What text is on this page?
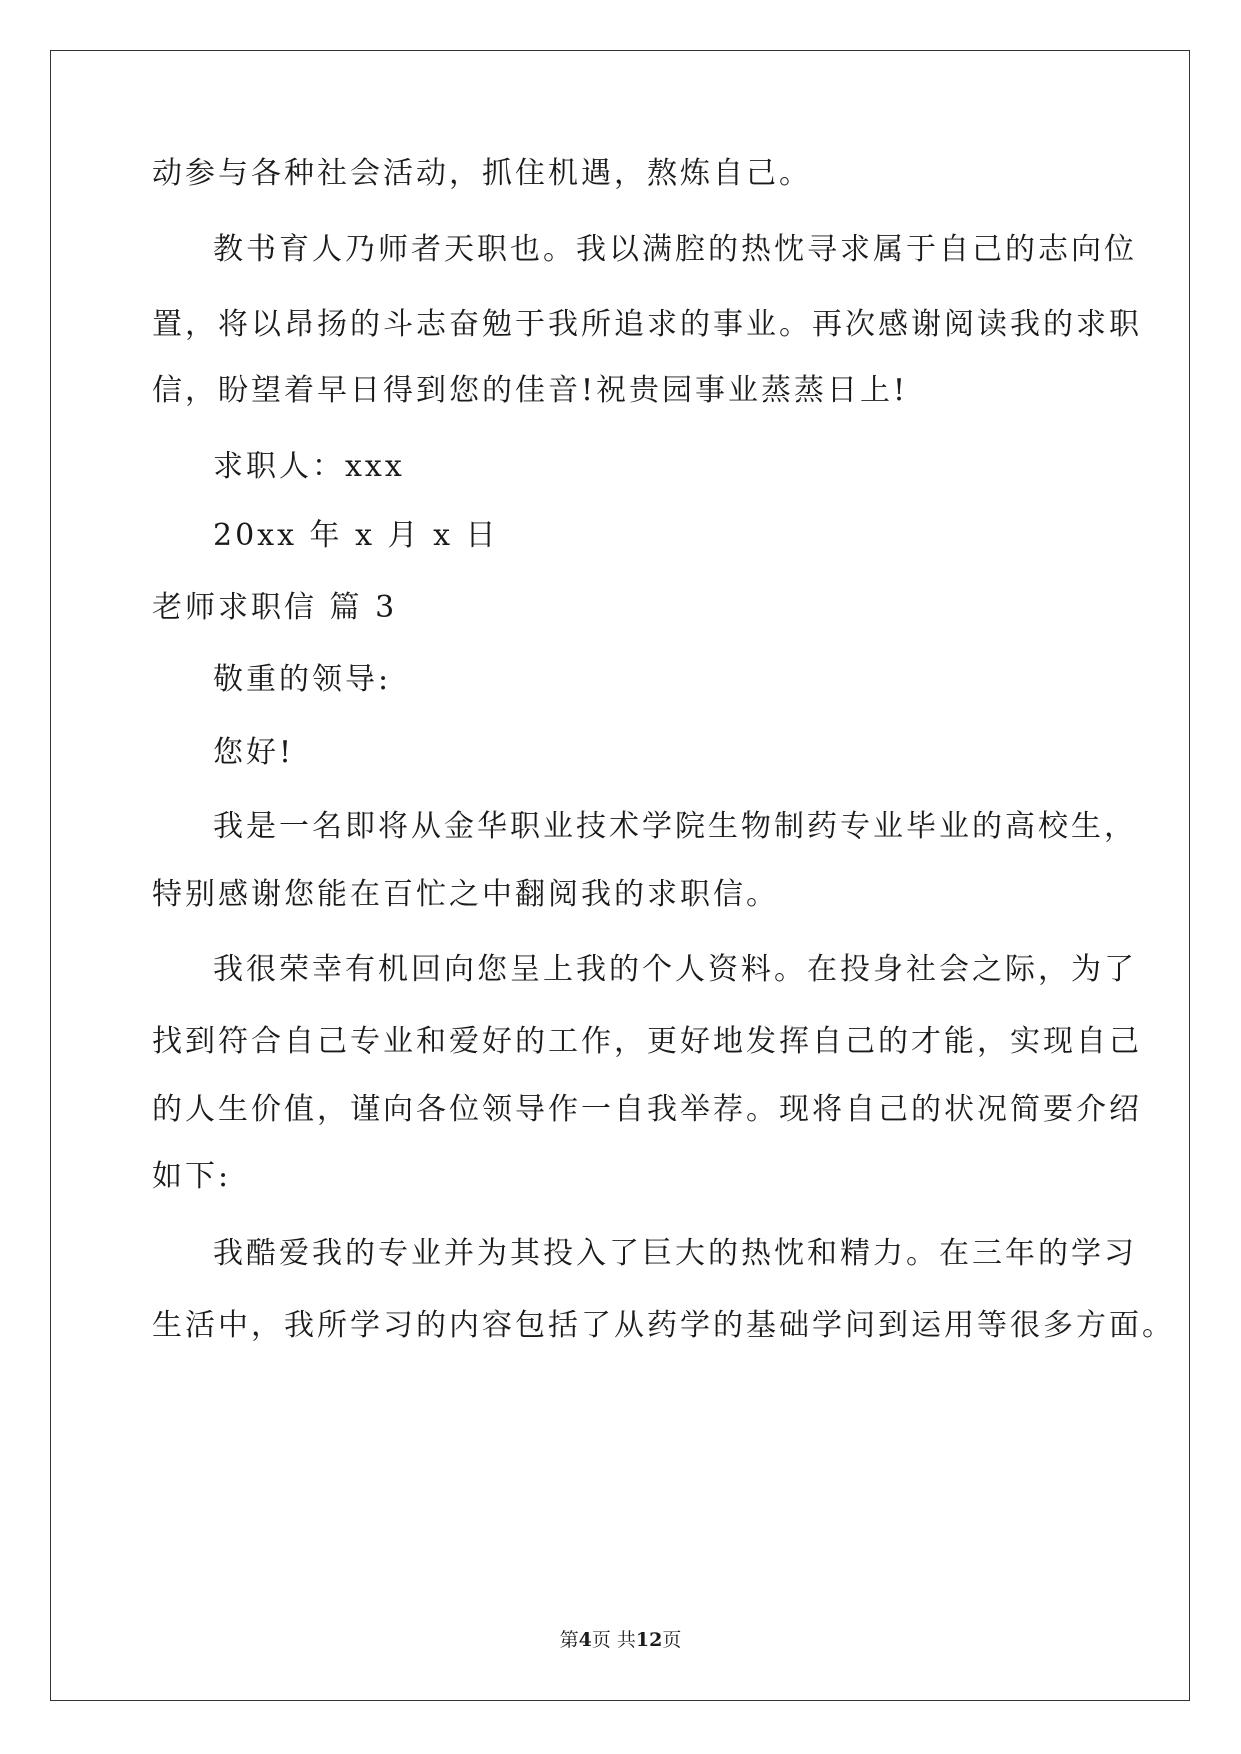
动参与各种社会活动，抓住机遇，熬炼自己。
教书育人乃师者天职也。我以满腔的热忱寻求属于自己的志向位
置，将以昂扬的斗志奋勉于我所追求的事业。再次感谢阅读我的求职
信，盼望着早日得到您的佳音!祝贵园事业蒸蒸日上!
求职人：xxx
20xx 年 x 月 x 日
老师求职信 篇 3
敬重的领导:
您好!
我是一名即将从金华职业技术学院生物制药专业毕业的高校生，
特别感谢您能在百忙之中翻阅我的求职信。
我很荣幸有机回向您呈上我的个人资料。在投身社会之际，为了
找到符合自己专业和爱好的工作，更好地发挥自己的才能，实现自己
的人生价值，谨向各位领导作一自我举荐。现将自己的状况简要介绍
如下:
我酷爱我的专业并为其投入了巨大的热忱和精力。在三年的学习
生活中，我所学习的内容包括了从药学的基础学问到运用等很多方面。
第4页 共12页
